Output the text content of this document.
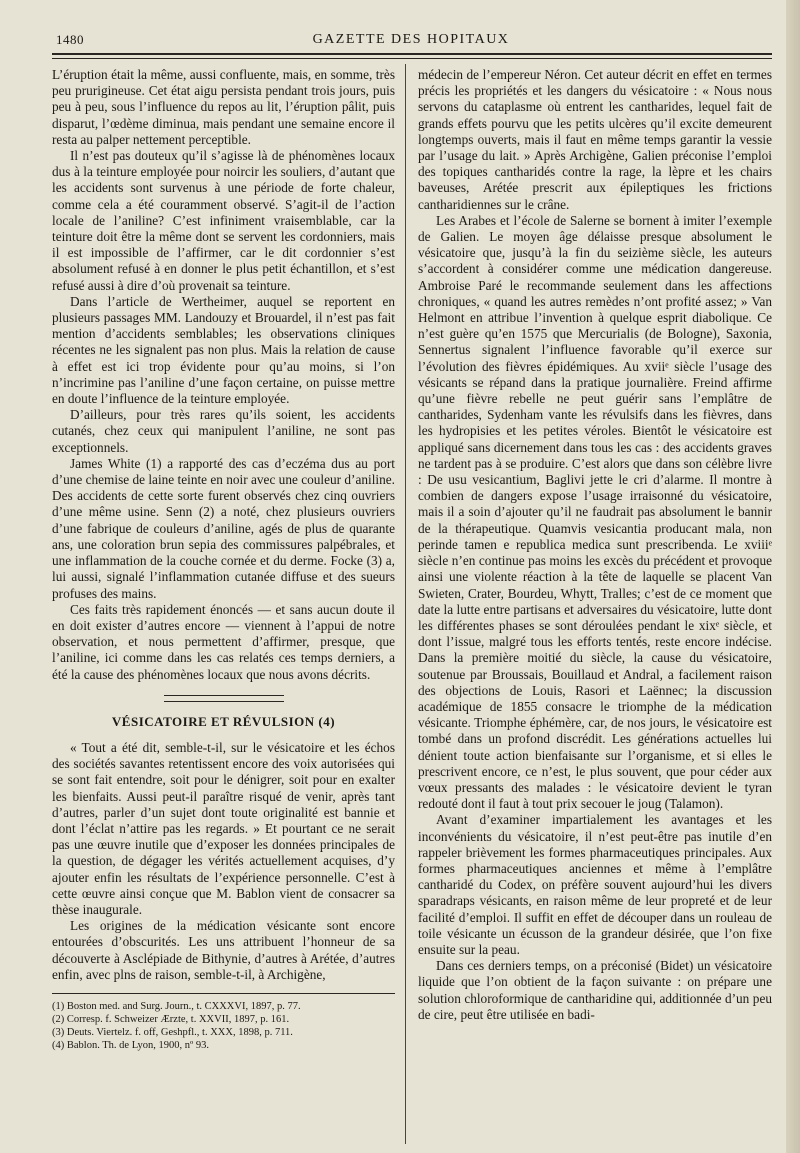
1480	GAZETTE DES HOPITAUX

L’éruption était la même, aussi confluente, mais, en somme, très peu prurigineuse. Cet état aigu persista pendant trois jours, puis peu à peu, sous l’influence du repos au lit, l’éruption pâlit, puis disparut, l’œdème diminua, mais pendant une semaine encore il resta au palper nettement perceptible.

Il n’est pas douteux qu’il s’agisse là de phénomènes locaux dus à la teinture employée pour noircir les souliers, d’autant que les accidents sont survenus à une période de forte chaleur, comme cela a été couramment observé. S’agit-il de l’action locale de l’aniline? C’est infiniment vraisemblable, car la teinture doit être la même dont se servent les cordonniers, mais il est impossible de l’affirmer, car le dit cordonnier s’est absolument refusé à en donner le plus petit échantillon, et s’est refusé aussi à dire d’où provenait sa teinture.

Dans l’article de Wertheimer, auquel se reportent en plusieurs passages MM. Landouzy et Brouardel, il n’est pas fait mention d’accidents semblables; les observations cliniques récentes ne les signalent pas non plus. Mais la relation de cause à effet est ici trop évidente pour qu’au moins, si l’on n’incrimine pas l’aniline d’une façon certaine, on puisse mettre en doute l’influence de la teinture employée.

D’ailleurs, pour très rares qu’ils soient, les accidents cutanés, chez ceux qui manipulent l’aniline, ne sont pas exceptionnels.

James White (1) a rapporté des cas d’eczéma dus au port d’une chemise de laine teinte en noir avec une couleur d’aniline. Des accidents de cette sorte furent observés chez cinq ouvriers d’une même usine. Senn (2) a noté, chez plusieurs ouvriers d’une fabrique de couleurs d’aniline, agés de plus de quarante ans, une coloration brun sepia des commissures palpébrales, et une inflammation de la couche cornée et du derme. Focke (3) a, lui aussi, signalé l’inflammation cutanée diffuse et des sueurs profuses des mains.

Ces faits très rapidement énoncés — et sans aucun doute il en doit exister d’autres encore — viennent à l’appui de notre observation, et nous permettent d’affirmer, presque, que l’aniline, ici comme dans les cas relatés ces temps derniers, a été la cause des phénomènes locaux que nous avons décrits.

VÉSICATOIRE ET RÉVULSION (4)

« Tout a été dit, semble-t-il, sur le vésicatoire et les échos des sociétés savantes retentissent encore des voix autorisées qui se sont fait entendre, soit pour le dénigrer, soit pour en exalter les bienfaits. Aussi peut-il paraître risqué de venir, après tant d’autres, parler d’un sujet dont toute originalité est bannie et dont l’éclat n’attire pas les regards. » Et pourtant ce ne serait pas une œuvre inutile que d’exposer les données principales de la question, de dégager les vérités actuellement acquises, d’y ajouter enfin les résultats de l’expérience personnelle. C’est à cette œuvre ainsi conçue que M. Bablon vient de consacrer sa thèse inaugurale.

Les origines de la médication vésicante sont encore entourées d’obscurités. Les uns attribuent l’honneur de sa découverte à Asclépiade de Bithynie, d’autres à Arétée, d’autres enfin, avec plns de raison, semble-t-il, à Archigène,

(1) Boston med. and Surg. Journ., t. CXXXVI, 1897, p. 77.

(2) Corresp. f. Schweizer Ærzte, t. XXVII, 1897, p. 161.

(3) Deuts. Viertelz. f. off, Geshpfl., t. XXX, 1898, p. 711.

(4) Bablon. Th. de Lyon, 1900, nº 93.

médecin de l’empereur Néron. Cet auteur décrit en effet en termes précis les propriétés et les dangers du vésicatoire : « Nous nous servons du cataplasme où entrent les cantharides, lequel fait de grands effets pourvu que les petits ulcères qu’il excite demeurent longtemps ouverts, mais il faut en même temps garantir la vessie par l’usage du lait. » Après Archigène, Galien préconise l’emploi des topiques cantharidés contre la rage, la lèpre et les chairs baveuses, Arétée prescrit aux épileptiques les frictions cantharidiennes sur le crâne.

Les Arabes et l’école de Salerne se bornent à imiter l’exemple de Galien. Le moyen âge délaisse presque absolument le vésicatoire que, jusqu’à la fin du seizième siècle, les auteurs s’accordent à considérer comme une médication dangereuse. Ambroise Paré le recommande seulement dans les affections chroniques, « quand les autres remèdes n’ont profité assez; » Van Helmont en attribue l’invention à quelque esprit diabolique. Ce n’est guère qu’en 1575 que Mercurialis (de Bologne), Saxonia, Sennertus signalent l’influence favorable qu’il exerce sur l’évolution des fièvres épidémiques. Au xviiᵉ siècle l’usage des vésicants se répand dans la pratique journalière. Freind affirme qu’une fièvre rebelle ne peut guérir sans l’emplâtre de cantharides, Sydenham vante les révulsifs dans les fièvres, dans les hydropisies et les petites véroles. Bientôt le vésicatoire est appliqué sans dicernement dans tous les cas : des accidents graves ne tardent pas à se produire. C’est alors que dans son célèbre livre : De usu vesicantium, Baglivi jette le cri d’alarme. Il montre à combien de dangers expose l’usage irraisonné du vésicatoire, mais il a soin d’ajouter qu’il ne faudrait pas absolument le bannir de la thérapeutique. Quamvis vesicantia producant mala, non perinde tamen e republica medica sunt prescribenda. Le xviiiᵉ siècle n’en continue pas moins les excès du précédent et provoque ainsi une violente réaction à la tête de laquelle se placent Van Swieten, Crater, Bourdeu, Whytt, Tralles; c’est de ce moment que date la lutte entre partisans et adversaires du vésicatoire, lutte dont les différentes phases se sont déroulées pendant le xixᵉ siècle, et dont l’issue, malgré tous les efforts tentés, reste encore indécise. Dans la première moitié du siècle, la cause du vésicatoire, soutenue par Broussais, Bouillaud et Andral, a facilement raison des objections de Louis, Rasori et Laënnec; la discussion académique de 1855 consacre le triomphe de la médication vésicante. Triomphe éphémère, car, de nos jours, le vésicatoire est tombé dans un profond discrédit. Les générations actuelles lui dénient toute action bienfaisante sur l’organisme, et si elles le prescrivent encore, ce n’est, le plus souvent, que pour céder aux vœux pressants des malades : le vésicatoire devient le tyran redouté dont il faut à tout prix secouer le joug (Talamon).

Avant d’examiner impartialement les avantages et les inconvénients du vésicatoire, il n’est peut-être pas inutile d’en rappeler brièvement les formes pharmaceutiques principales. Aux formes pharmaceutiques anciennes et même à l’emplâtre cantharidé du Codex, on préfère souvent aujourd’hui les divers sparadraps vésicants, en raison même de leur propreté et de leur facilité d’emploi. Il suffit en effet de découper dans un rouleau de toile vésicante un écusson de la grandeur désirée, que l’on fixe ensuite sur la peau.

Dans ces derniers temps, on a préconisé (Bidet) un vésicatoire liquide que l’on obtient de la façon suivante : on prépare une solution chloroformique de cantharidine qui, additionnée d’un peu de cire, peut être utilisée en badi-
